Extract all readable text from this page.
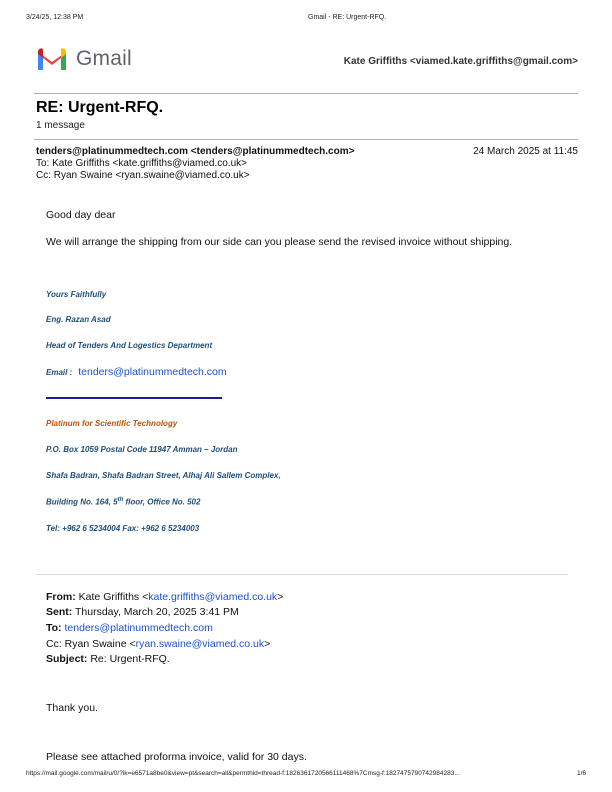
3/24/25, 12:38 PM	Gmail - RE: Urgent-RFQ.
Gmail	Kate Griffiths <viamed.kate.griffiths@gmail.com>
RE: Urgent-RFQ.
1 message
tenders@platinummedtech.com <tenders@platinummedtech.com>	24 March 2025 at 11:45
To: Kate Griffiths <kate.griffiths@viamed.co.uk>
Cc: Ryan Swaine <ryan.swaine@viamed.co.uk>
Good day dear
We will arrange the shipping from our side can you please send the revised invoice without shipping.
Yours Faithfully
Eng. Razan Asad
Head of Tenders And Logestics Department
Email : tenders@platinummedtech.com
Platinum for Scientific Technology
P.O. Box 1059 Postal Code 11947 Amman – Jordan
Shafa Badran, Shafa Badran Street, Alhaj Ali Sallem Complex,
Building No. 164, 5th floor, Office No. 502
Tel: +962 6 5234004 Fax: +962 6 5234003
From: Kate Griffiths <kate.griffiths@viamed.co.uk>
Sent: Thursday, March 20, 2025 3:41 PM
To: tenders@platinummedtech.com
Cc: Ryan Swaine <ryan.swaine@viamed.co.uk>
Subject: Re: Urgent-RFQ.
Thank you.
Please see attached proforma invoice, valid for 30 days.
https://mail.google.com/mail/u/0/?ik=e6571a8be0&view=pt&search=all&permthid=thread-f:1826361720566111468%7Cmsg-f:1827475790742984283...	1/6
